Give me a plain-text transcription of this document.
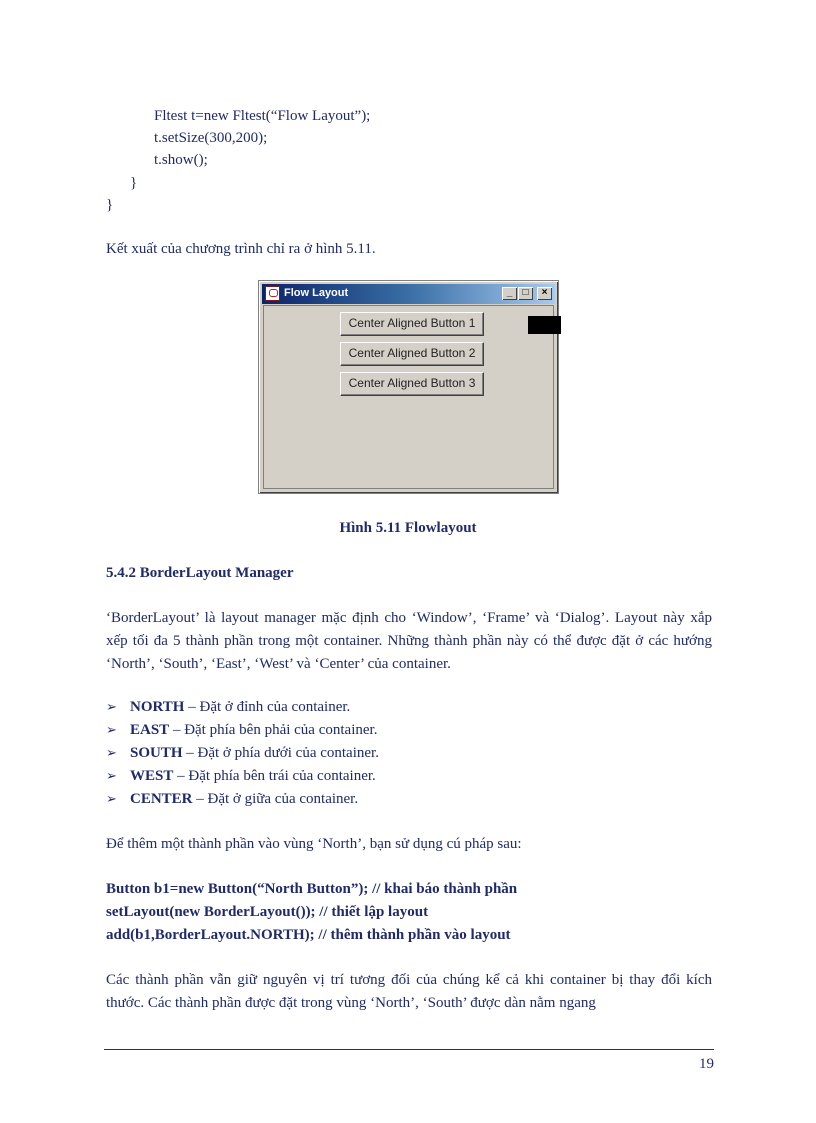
Fltest t=new Fltest(“Flow Layout”);
t.setSize(300,200);
t.show();
}
}
Kết xuất của chương trình chỉ ra ở hình 5.11.
Flow Layout	_	□	×
Center Aligned Button 1
Center Aligned Button 2
Center Aligned Button 3
Hình 5.11 Flowlayout
5.4.2 BorderLayout Manager
‘BorderLayout’ là layout manager mặc định cho ‘Window’, ‘Frame’ và ‘Dialog’. Layout này xắp xếp tối đa 5 thành phần trong một container. Những thành phần này có thể được đặt ở các hướng ‘North’, ‘South’, ‘East’, ‘West’ và ‘Center’ của container.
➢ NORTH – Đặt ở đỉnh của container.
➢ EAST – Đặt phía bên phải của container.
➢ SOUTH – Đặt ở phía dưới của container.
➢ WEST – Đặt phía bên trái của container.
➢ CENTER – Đặt ở giữa của container.
Để thêm một thành phần vào vùng ‘North’, bạn sử dụng cú pháp sau:
Button b1=new Button(“North Button”); // khai báo thành phần
setLayout(new BorderLayout()); // thiết lập layout
add(b1,BorderLayout.NORTH); // thêm thành phần vào layout
Các thành phần vẫn giữ nguyên vị trí tương đối của chúng kể cả khi container bị thay đổi kích thước. Các thành phần được đặt trong vùng ‘North’, ‘South’ được dàn nằm ngang
19
